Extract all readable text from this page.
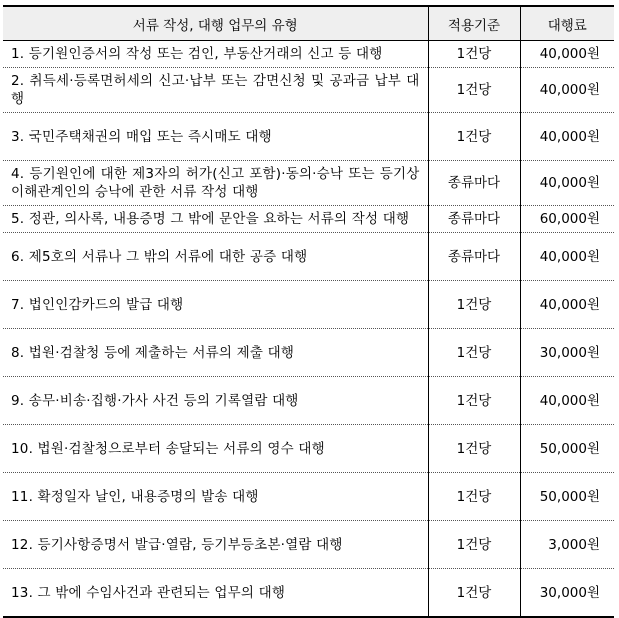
서류 작성, 대행 업무의 유형	적용기준	대행료
1. 등기원인증서의 작성 또는 검인, 부동산거래의 신고 등 대행	1건당	40,000원
2. 취득세·등록면허세의 신고·납부 또는 감면신청 및 공과금 납부 대행	1건당	40,000원
3. 국민주택채권의 매입 또는 즉시매도 대행	1건당	40,000원
4. 등기원인에 대한 제3자의 허가(신고 포함)·동의·승낙 또는 등기상 이해관계인의 승낙에 관한 서류 작성 대행	종류마다	40,000원
5. 정관, 의사록, 내용증명 그 밖에 문안을 요하는 서류의 작성 대행	종류마다	60,000원
6. 제5호의 서류나 그 밖의 서류에 대한 공증 대행	종류마다	40,000원
7. 법인인감카드의 발급 대행	1건당	40,000원
8. 법원·검찰청 등에 제출하는 서류의 제출 대행	1건당	30,000원
9. 송무·비송·집행·가사 사건 등의 기록열람 대행	1건당	40,000원
10. 법원·검찰청으로부터 송달되는 서류의 영수 대행	1건당	50,000원
11. 확정일자 날인, 내용증명의 발송 대행	1건당	50,000원
12. 등기사항증명서 발급·열람, 등기부등초본·열람 대행	1건당	3,000원
13. 그 밖에 수임사건과 관련되는 업무의 대행	1건당	30,000원
